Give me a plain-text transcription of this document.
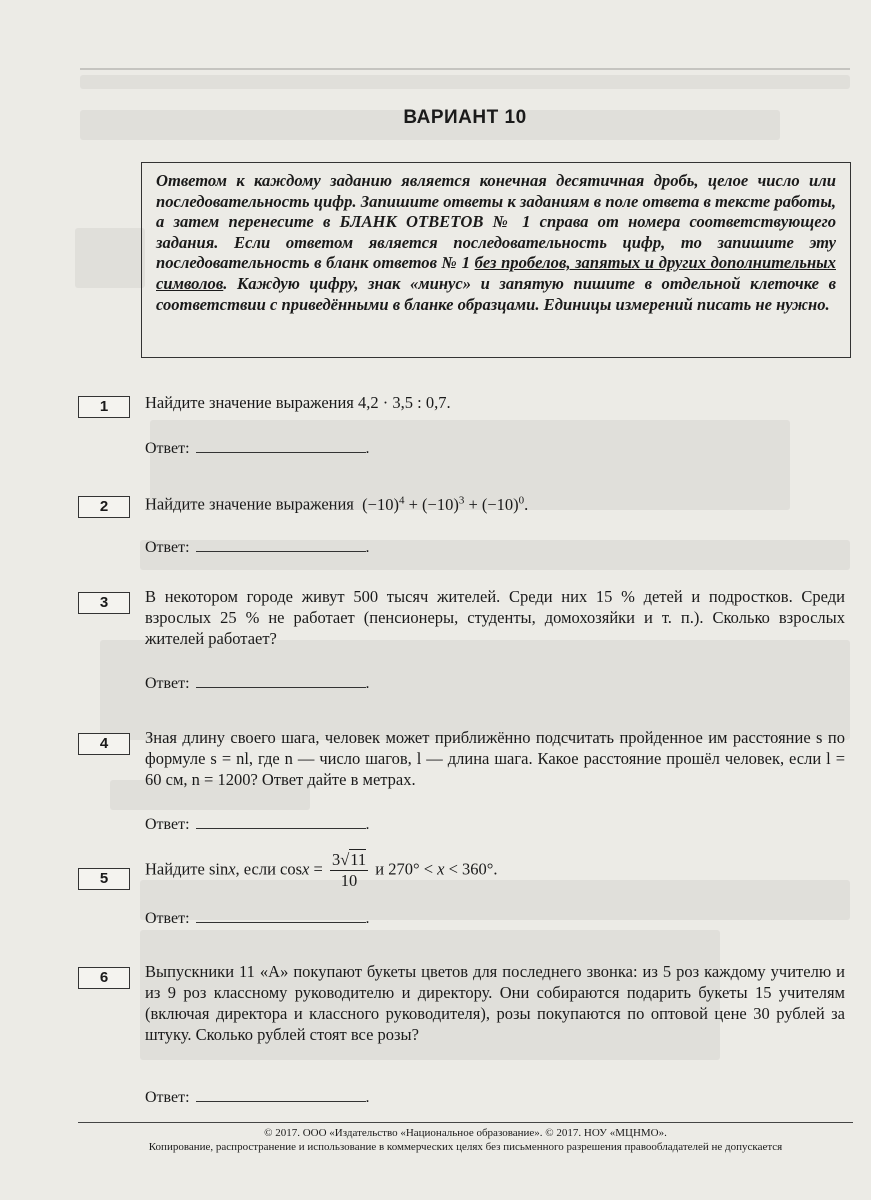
ВАРИАНТ 10

Ответом к каждому заданию является конечная десятичная дробь, целое число или последовательность цифр. Запишите ответы к заданиям в поле ответа в тексте работы, а затем перенесите в БЛАНК ОТВЕТОВ № 1 справа от номера соответствующего задания. Если ответом является последовательность цифр, то запишите эту последовательность в бланк ответов № 1 без пробелов, запятых и других дополнительных символов. Каждую цифру, знак «минус» и запятую пишите в отдельной клеточке в соответствии с приведёнными в бланке образцами. Единицы измерений писать не нужно.

1	Найдите значение выражения 4,2 · 3,5 : 0,7.
Ответ:	.
2	Найдите значение выражения $(-10)^4 + (-10)^3 + (-10)^0$.
Ответ:	.
3	В некотором городе живут 500 тысяч жителей. Среди них 15 % детей и подростков. Среди взрослых 25 % не работает (пенсионеры, студенты, домохозяйки и т. п.). Сколько взрослых жителей работает?
Ответ:	.
4	Зная длину своего шага, человек может приближённо подсчитать пройденное им расстояние s по формуле s = nl, где n — число шагов, l — длина шага. Какое расстояние прошёл человек, если l = 60 см, n = 1200? Ответ дайте в метрах.
Ответ:	.
5
Найдите sinx, если $\cos x = \frac{3√11}{10}$ и 270° < x < 360°.
Ответ:	.
6	Выпускники 11 «А» покупают букеты цветов для последнего звонка: из 5 роз каждому учителю и из 9 роз классному руководителю и директору. Они собираются подарить букеты 15 учителям (включая директора и классного руководителя), розы покупаются по оптовой цене 30 рублей за штуку. Сколько рублей стоят все розы?
Ответ:	.
© 2017. ООО «Издательство «Национальное образование». © 2017. НОУ «МЦНМО».
Копирование, распространение и использование в коммерческих целях без письменного разрешения правообладателей не допускается
